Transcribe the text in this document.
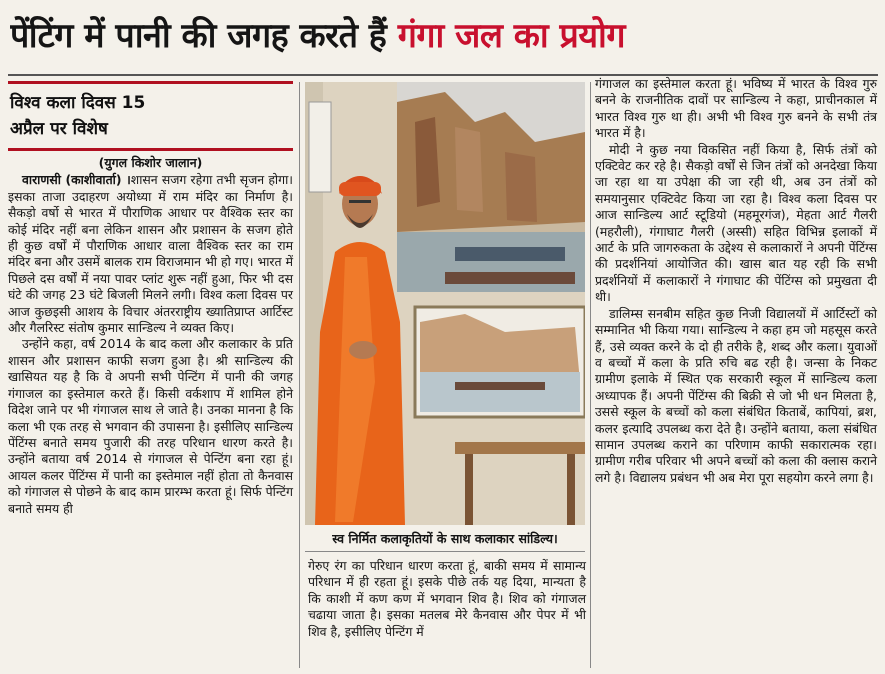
पेंटिंग में पानी की जगह करते हैं गंगा जल का प्रयोग
विश्व कला दिवस 15
अप्रैल पर विशेष
(युगल किशोर जालान)

वाराणसी (काशीवार्ता) ।शासन सजग रहेगा तभी सृजन होगा। इसका ताजा उदाहरण अयोध्या में राम मंदिर का निर्माण है। सैकड़ो वर्षो से भारत में पौराणिक आधार पर वैश्विक स्तर का कोई मंदिर नहीं बना लेकिन शासन और प्रशासन के सजग होते ही कुछ वर्षों में पौराणिक आधार वाला वैश्विक स्तर का राम मंदिर बना और उसमें बालक राम विराजमान भी हो गए। भारत में पिछले दस वर्षों में नया पावर प्लांट शुरू नहीं हुआ, फिर भी दस घंटे की जगह 23 घंटे बिजली मिलने लगी। विश्व कला दिवस पर आज कुछइसी आशय के विचार अंतरराष्ट्रीय ख्यातिप्राप्त आर्टिस्ट और गैलरिस्ट संतोष कुमार सान्डिल्य ने व्यक्त किए।

उन्होंने कहा, वर्ष 2014 के बाद कला और कलाकार के प्रति शासन और प्रशासन काफी सजग हुआ है। श्री सान्डिल्य की खासियत यह है कि वे अपनी सभी पेन्टिंग में पानी की जगह गंगाजल का इस्तेमाल करते हैं। किसी वर्कशाप में शामिल होने विदेश जाने पर भी गंगाजल साथ ले जाते है। उनका मानना है कि कला भी एक तरह से भगवान की उपासना है। इसीलिए सान्डिल्य पेंटिंग्स बनाते समय पुजारी की तरह परिधान धारण करते है। उन्होंने बताया वर्ष 2014 से गंगाजल से पेन्टिंग बना रहा हूं। आयल कलर पेंटिंग्स में पानी का इस्तेमाल नहीं होता तो कैनवास को गंगाजल से पोछने के बाद काम प्रारम्भ करता हूं। सिर्फ पेन्टिंग बनाते समय ही

स्व निर्मित कलाकृतियों के साथ कलाकार सांडिल्य।

गेरुए रंग का परिधान धारण करता हूं, बाकी समय में सामान्य परिधान में ही रहता हूं। इसके पीछे तर्क यह दिया, मान्यता है कि काशी में कण कण में भगवान शिव है। शिव को गंगाजल चढाया जाता है। इसका मतलब मेरे कैनवास और पेपर में भी शिव है, इसीलिए पेन्टिंग में

गंगाजल का इस्तेमाल करता हूं। भविष्य में भारत के विश्व गुरु बनने के राजनीतिक दावों पर सान्डिल्य ने कहा, प्राचीनकाल में भारत विश्व गुरु था ही। अभी भी विश्व गुरु बनने के सभी तंत्र भारत में है।

मोदी ने कुछ नया विकसित नहीं किया है, सिर्फ तंत्रों को एक्टिवेट कर रहे है। सैकड़ो वर्षों से जिन तंत्रों को अनदेखा किया जा रहा था या उपेक्षा की जा रही थी, अब उन तंत्रों को समयानुसार एक्टिवेट किया जा रहा है। विश्व कला दिवस पर आज सान्डिल्य आर्ट स्टूडियो (महमूरगंज), मेहता आर्ट गैलरी (महरौली), गंगाघाट गैलरी (अस्सी) सहित विभिन्न इलाकों में आर्ट के प्रति जागरुकता के उद्देश्य से कलाकारों ने अपनी पेंटिंग्स की प्रदर्शनियां आयोजित की। खास बात यह रही कि सभी प्रदर्शनियों में कलाकारों ने गंगाघाट की पेंटिंग्स को प्रमुखता दी थी।

डालिम्स सनबीम सहित कुछ निजी विद्यालयों में आर्टिस्टों को सम्मानित भी किया गया। सान्डिल्य ने कहा हम जो महसूस करते हैं, उसे व्यक्त करने के दो ही तरीके है, शब्द और कला। युवाओं व बच्चों में कला के प्रति रुचि बढ रही है। जन्सा के निकट ग्रामीण इलाके में स्थित एक सरकारी स्कूल में सान्डिल्य कला अध्यापक हैं। अपनी पेंटिंग्स की बिक्री से जो भी धन मिलता है, उससे स्कूल के बच्चों को कला संबंधित किताबें, कापियां, ब्रश, कलर इत्यादि उपलब्ध करा देते है। उन्होंने बताया, कला संबंधित सामान उपलब्ध कराने का परिणाम काफी सकारात्मक रहा। ग्रामीण गरीब परिवार भी अपने बच्चों को कला की क्लास कराने लगे है। विद्यालय प्रबंधन भी अब मेरा पूरा सहयोग करने लगा है।
